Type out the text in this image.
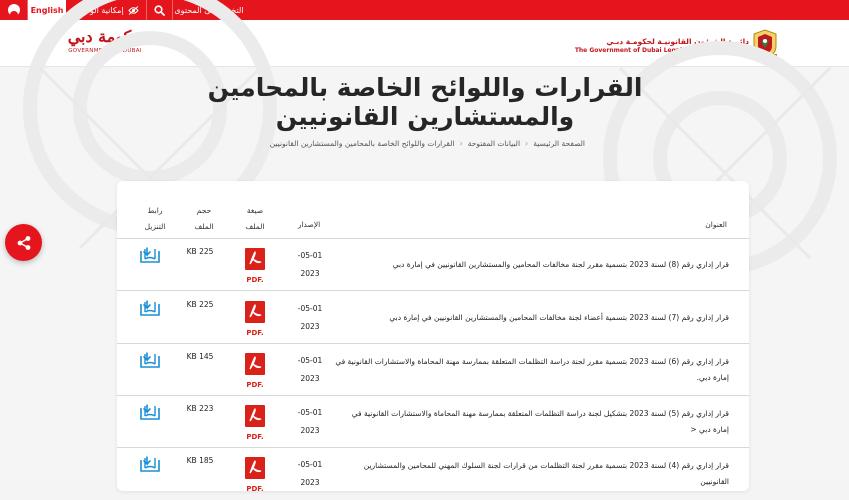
English	إمكانية الوصول	التخطي الى المحتوى
حكومة دبي
GOVERNMENT OF DUBAI
دائـرة الشـؤون القانونيـة لحكومـة دبـي
The Government of Dubai Legal Affairs Department
القرارات واللوائح الخاصة بالمحامين والمستشارين القانونيين
الصفحة الرئيسية
‹
البيانات المفتوحة
‹
القرارات واللوائح الخاصة بالمحامين والمستشارين القانونيين
العنوان
الإصدار
صيغة
الملف
حجم
الملف
رابط
التنزيل
قرار إداري رقم (8) لسنة 2023 بتسمية مقرر لجنة مخالفات المحامين والمستشارين القانونيين في إمارة دبي
05-01-
2023
PDF.
225 KB
قرار إداري رقم (7) لسنة 2023 بتسمية أعضاء لجنة مخالفات المحامين والمستشارين القانونيين في إمارة دبي
05-01-
2023
PDF.
225 KB
قرار إداري رقم (6) لسنة 2023 بتسمية مقرر لجنة دراسة التظلمات المتعلقة بممارسة مهنة المحاماة والاستشارات القانونية في إمارة دبي.
05-01-
2023
PDF.
145 KB
قرار إداري رقم (5) لسنة 2023 بتشكيل لجنة دراسة التظلمات المتعلقة بممارسة مهنة المحاماة والاستشارات القانونية في إمارة دبي <
05-01-
2023
PDF.
223 KB
قرار إداري رقم (4) لسنة 2023 بتسمية مقرر لجنة التظلمات من قرارات لجنة السلوك المهني للمحامين والمستشارين القانونيين
05-01-
2023
PDF.
185 KB
